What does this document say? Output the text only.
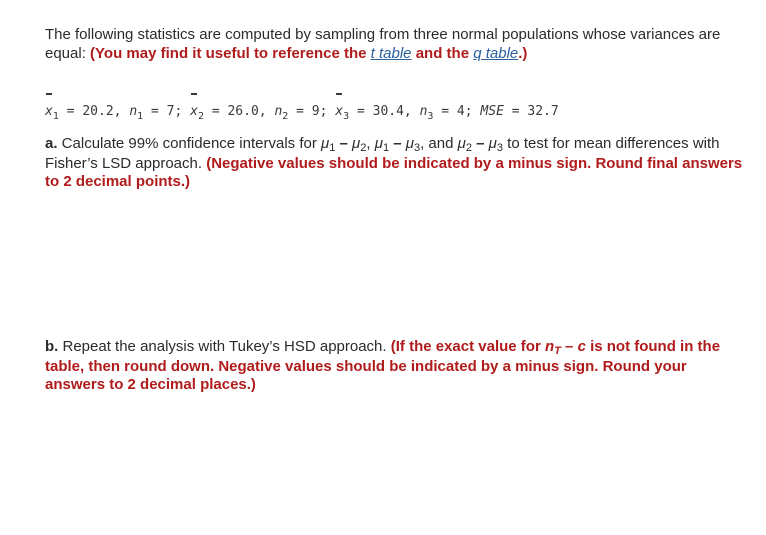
The following statistics are computed by sampling from three normal populations whose variances are equal: (You may find it useful to reference the t table and the q table.)

$x_1 = 20.2$, $n_1 = 7$; $x_2 = 26.0$, $n_2 = 9$; $x_3 = 30.4$, $n_3 = 4$; MSE = 32.7

a. Calculate 99% confidence intervals for $\mu_1 - \mu_2$, $\mu_1 - \mu_3$, and $\mu_2 - \mu_3$ to test for mean differences with Fisher’s LSD approach. (Negative values should be indicated by a minus sign. Round final answers to 2 decimal points.)

b. Repeat the analysis with Tukey’s HSD approach. (If the exact value for $n_T$ – c is not found in the table, then round down. Negative values should be indicated by a minus sign. Round your answers to 2 decimal places.)
